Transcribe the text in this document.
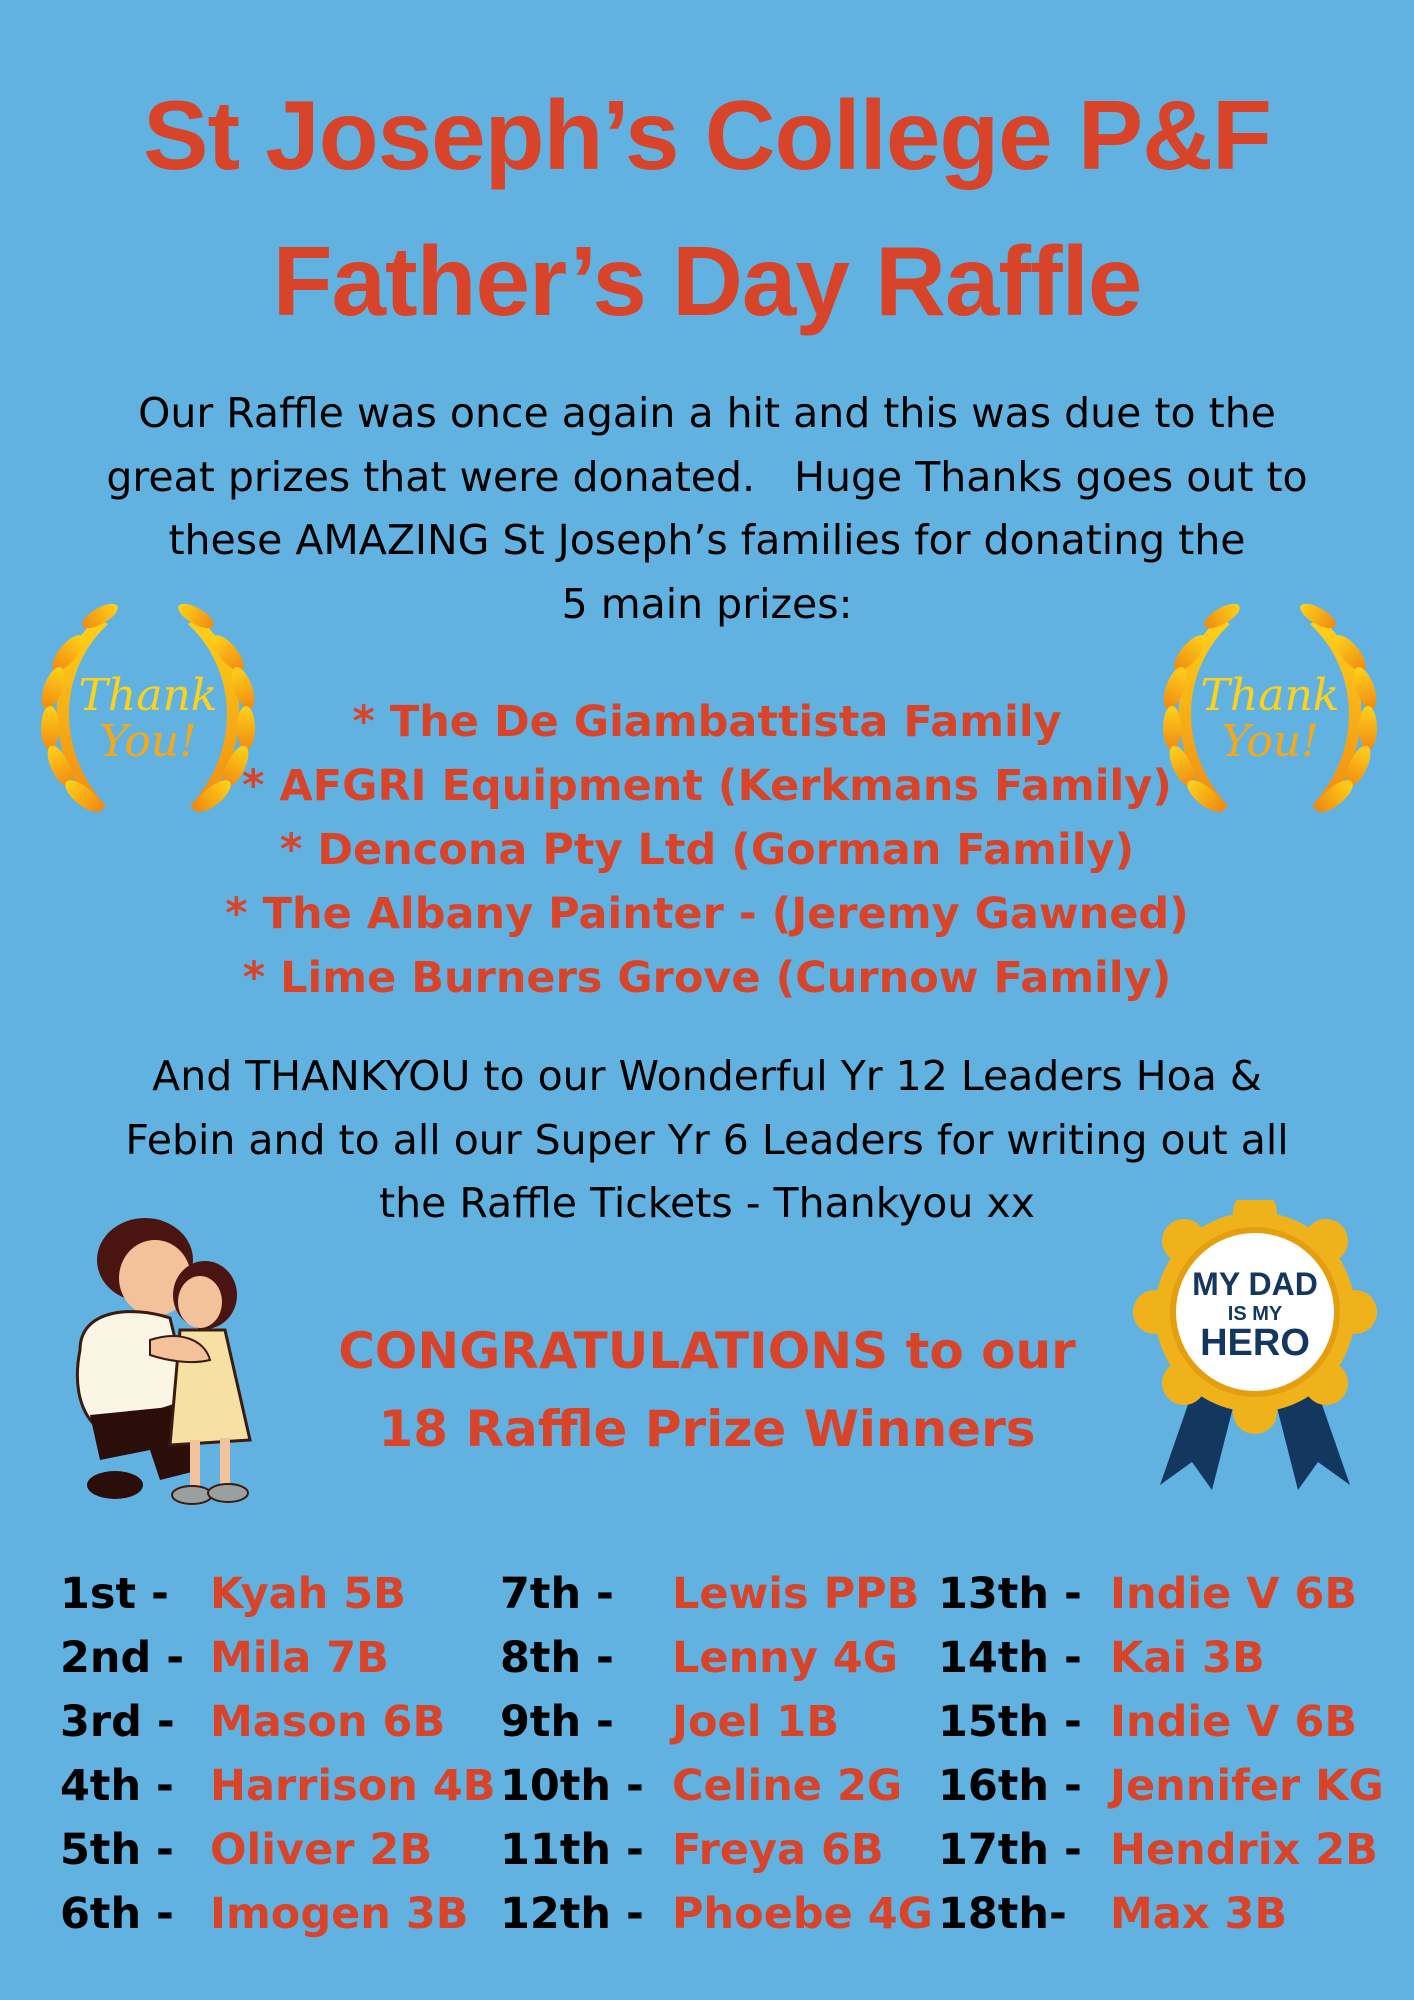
St Joseph’s College P&F
Father’s Day Raffle
Our Raffle was once again a hit and this was due to the
great prizes that were donated.   Huge Thanks goes out to
these AMAZING St Joseph’s families for donating the
5 main prizes:
Thank
You!
Thank
You!
* The De Giambattista Family
* AFGRI Equipment (Kerkmans Family)
* Dencona Pty Ltd (Gorman Family)
* The Albany Painter - (Jeremy Gawned)
* Lime Burners Grove (Curnow Family)
And THANKYOU to our Wonderful Yr 12 Leaders Hoa &
Febin and to all our Super Yr 6 Leaders for writing out all
the Raffle Tickets - Thankyou xx
CONGRATULATIONS to our
18 Raffle Prize Winners
MY DAD
IS MY
HERO
1st - Kyah 5B
2nd - Mila 7B
3rd - Mason 6B
4th - Harrison 4B
5th - Oliver 2B
6th - Imogen 3B
7th -	Lewis PPB
8th -	Lenny 4G
9th -	Joel 1B
10th - Celine 2G
11th - Freya 6B
12th - Phoebe 4G
13th - Indie V 6B
14th - Kai 3B
15th - Indie V 6B
16th - Jennifer KG
17th - Hendrix 2B
18th-	Max 3B
